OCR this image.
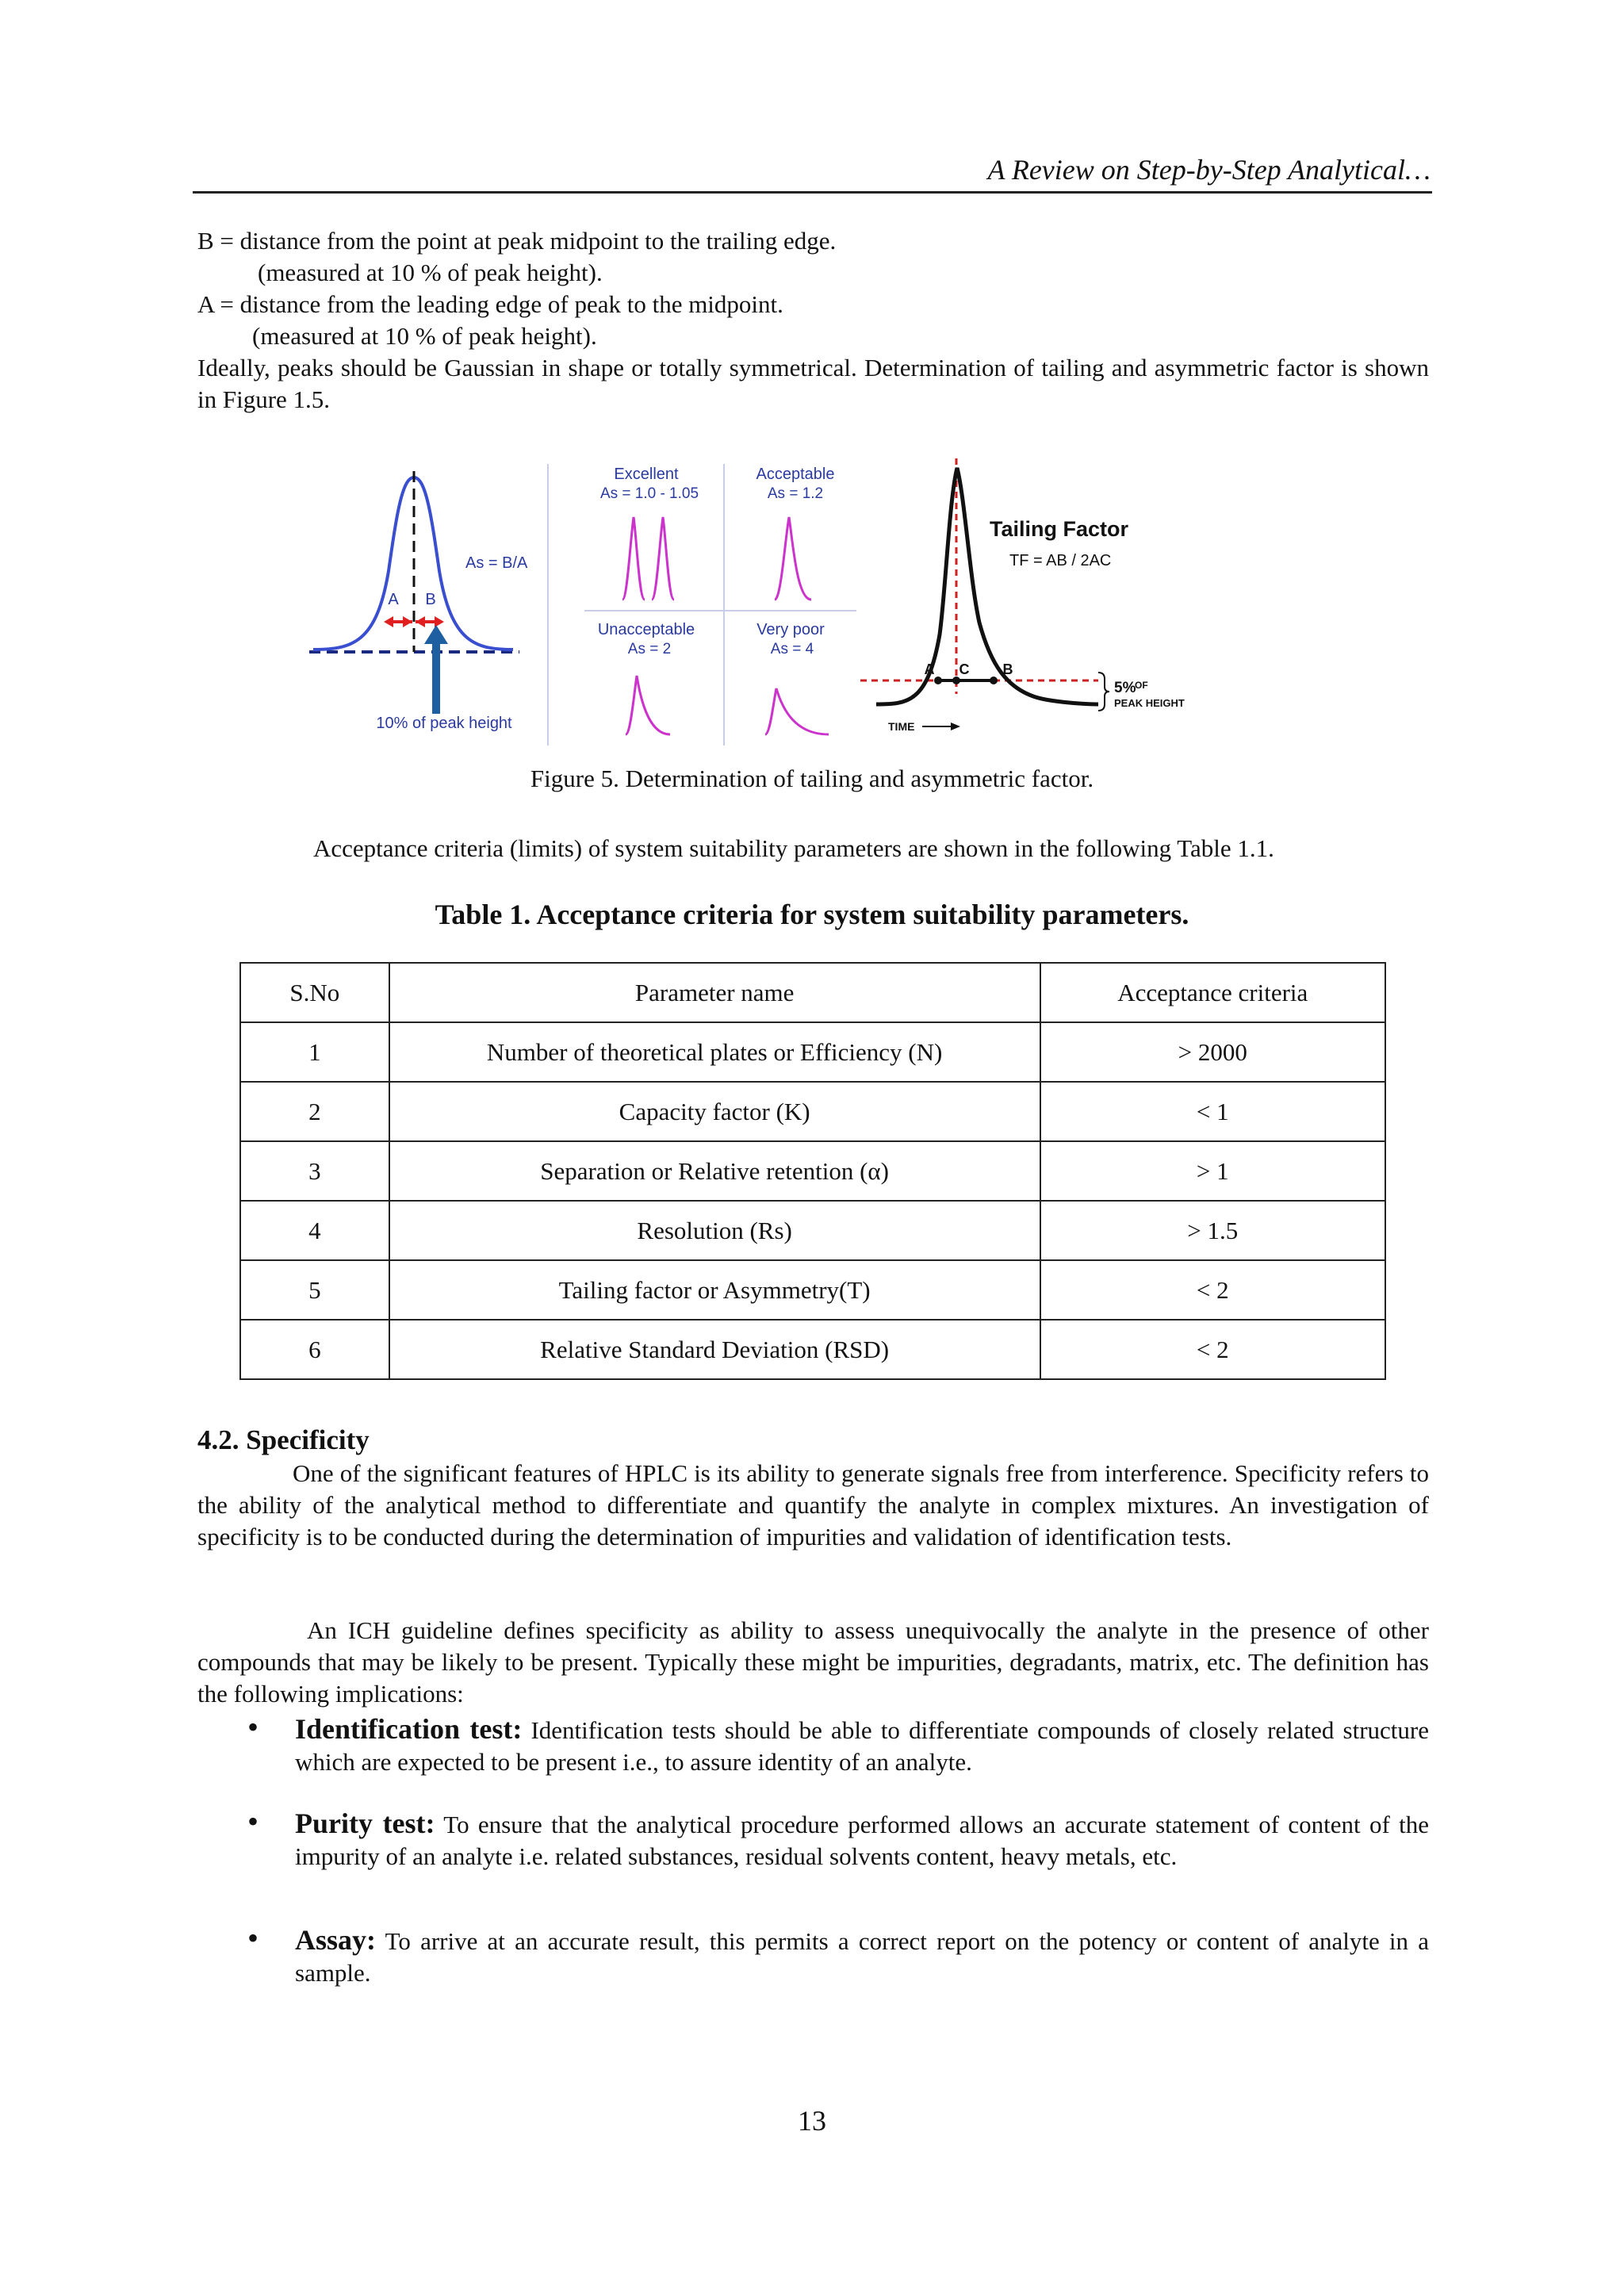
A Review on Step-by-Step Analytical…
B = distance from the point at peak midpoint to the trailing edge.
(measured at 10 % of peak height).
A = distance from the leading edge of peak to the midpoint.
(measured at 10 % of peak height).
Ideally, peaks should be Gaussian in shape or totally symmetrical. Determination of tailing and asymmetric factor is shown in Figure 1.5.
A B
As = B/A
10% of peak height
Excellent
As = 1.0 - 1.05
Acceptable
As = 1.2
Unacceptable
As = 2
Very poor
As = 4
A C B
Tailing Factor
TF = AB / 2AC
5%
OF
PEAK HEIGHT
TIME
Figure 5. Determination of tailing and asymmetric factor.
Acceptance criteria (limits) of system suitability parameters are shown in the following Table 1.1.
Table 1. Acceptance criteria for system suitability parameters.
S.No	Parameter name	Acceptance criteria
1	Number of theoretical plates or Efficiency (N)	> 2000
2	Capacity factor (K)	< 1
3	Separation or Relative retention (α)	> 1
4	Resolution (Rs)	> 1.5
5	Tailing factor or Asymmetry(T)	< 2
6	Relative Standard Deviation (RSD)	< 2
4.2. Specificity
One of the significant features of HPLC is its ability to generate signals free from interference. Specificity refers to the ability of the analytical method to differentiate and quantify the analyte in complex mixtures. An investigation of specificity is to be conducted during the determination of impurities and validation of identification tests.
An ICH guideline defines specificity as ability to assess unequivocally the analyte in the presence of other compounds that may be likely to be present. Typically these might be impurities, degradants, matrix, etc. The definition has the following implications:
• Identification test: Identification tests should be able to differentiate compounds of closely related structure which are expected to be present i.e., to assure identity of an analyte.
• Purity test: To ensure that the analytical procedure performed allows an accurate statement of content of the impurity of an analyte i.e. related substances, residual solvents content, heavy metals, etc.
• Assay: To arrive at an accurate result, this permits a correct report on the potency or content of analyte in a sample.
13
